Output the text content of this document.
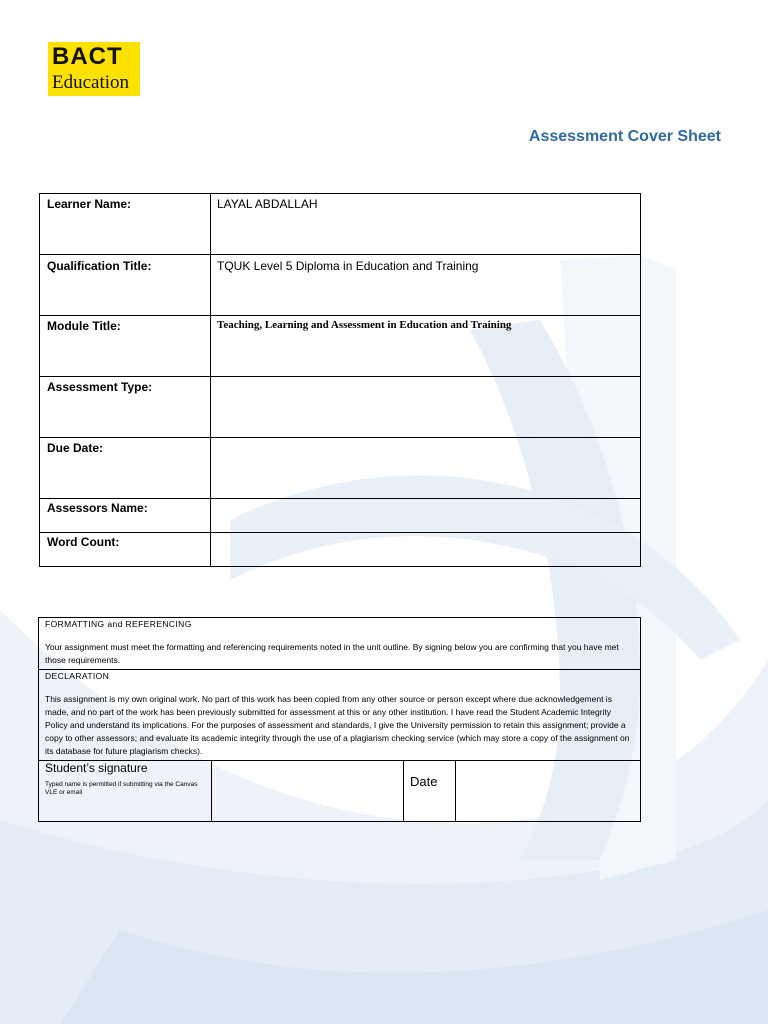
BACT
Education
Assessment Cover Sheet
Learner Name:	LAYAL ABDALLAH
Qualification Title:	TQUK Level 5 Diploma in Education and Training
Module Title:	Teaching, Learning and Assessment in Education and Training
Assessment Type:	
Due Date:	
Assessors Name:	
Word Count:	
FORMATTING and REFERENCING
Your assignment must meet the formatting and referencing requirements noted in the unit outline. By signing below you are confirming that you have met those requirements.
DECLARATION
This assignment is my own original work. No part of this work has been copied from any other source or person except where due acknowledgement is made, and no part of the work has been previously submitted for assessment at this or any other institution. I have read the Student Academic Integrity Policy and understand its implications. For the purposes of assessment and standards, I give the University permission to retain this assignment; provide a copy to other assessors; and evaluate its academic integrity through the use of a plagiarism checking service (which may store a copy of the assignment on its database for future plagiarism checks).
Student’s signature
Typed name is permitted if submitting via the Canvas VLE or email
Date
